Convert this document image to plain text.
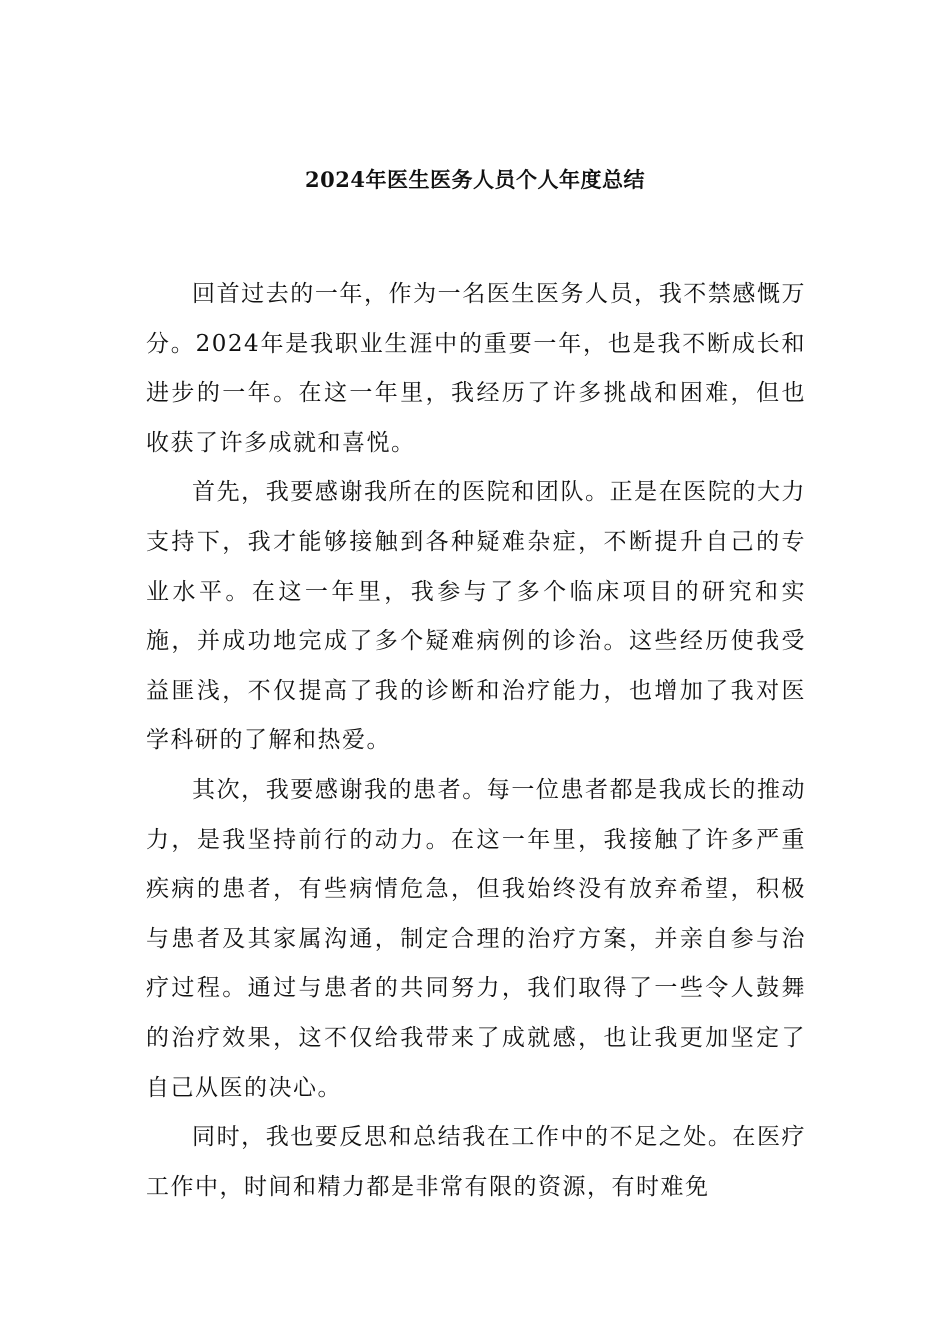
2024年医生医务人员个人年度总结

回首过去的一年，作为一名医生医务人员，我不禁感慨万分。2024年是我职业生涯中的重要一年，也是我不断成长和进步的一年。在这一年里，我经历了许多挑战和困难，但也收获了许多成就和喜悦。

首先，我要感谢我所在的医院和团队。正是在医院的大力支持下，我才能够接触到各种疑难杂症，不断提升自己的专业水平。在这一年里，我参与了多个临床项目的研究和实施，并成功地完成了多个疑难病例的诊治。这些经历使我受益匪浅，不仅提高了我的诊断和治疗能力，也增加了我对医学科研的了解和热爱。

其次，我要感谢我的患者。每一位患者都是我成长的推动力，是我坚持前行的动力。在这一年里，我接触了许多严重疾病的患者，有些病情危急，但我始终没有放弃希望，积极与患者及其家属沟通，制定合理的治疗方案，并亲自参与治疗过程。通过与患者的共同努力，我们取得了一些令人鼓舞的治疗效果，这不仅给我带来了成就感，也让我更加坚定了自己从医的决心。

同时，我也要反思和总结我在工作中的不足之处。在医疗工作中，时间和精力都是非常有限的资源，有时难免
